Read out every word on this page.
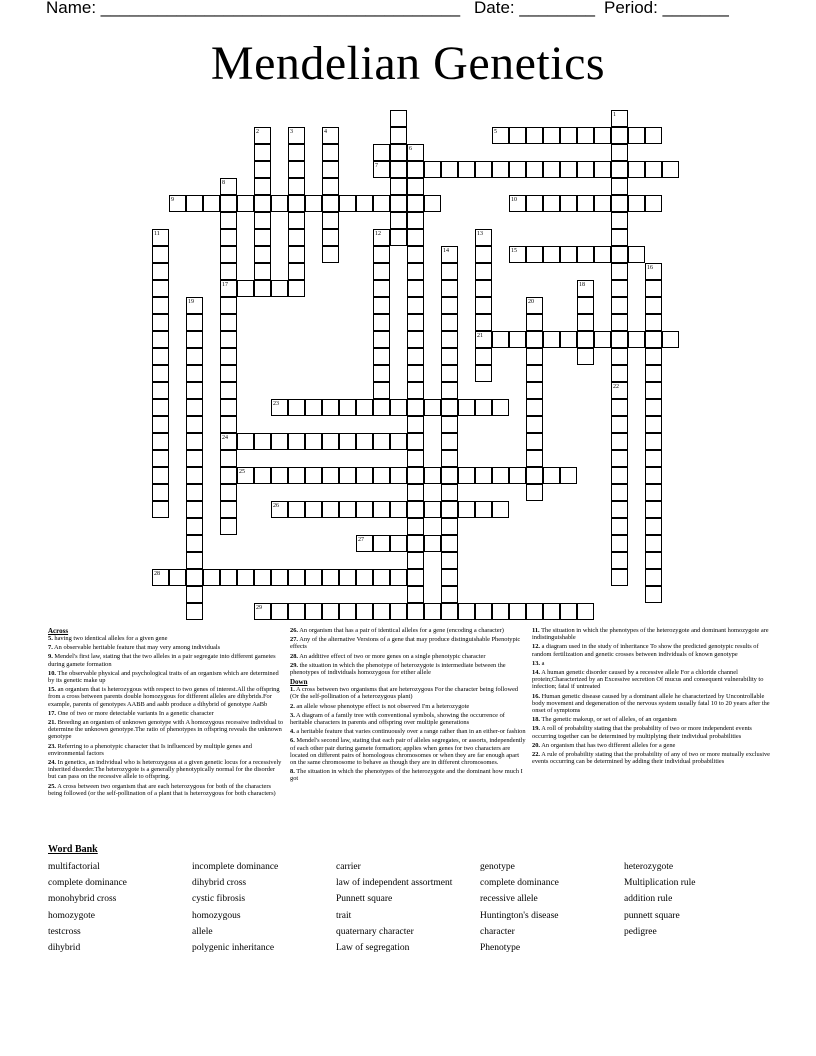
Name: ______________________________________ Date: ________ Period: _______
Mendelian Genetics
1
2	3	4	5
6
7
8
9	10
11	12	13
14	15
16
17	18
19	20
21
22
23
24
25
26
27
28
29
Across
5. having two identical alleles for a given gene
7. An observable heritable feature that may very among individuals
9. Mendel's first law, stating that the two alleles in a pair segregate into different gametes during gamete formation
10. The observable physical and psychological traits of an organism which are determined by its genetic make up
15. an organism that is heterozygous with respect to two genes of interest.All the offspring from a cross between parents double homozygous for different alleles are dihybrids.For example, parents of genotypes AABB and aabb produce a dihybrid of genotype AaBb
17. One of two or more detectable variants In a genetic character
21. Breeding an organism of unknown genotype with A homozygous recessive individual to determine the unknown genotype.The ratio of phenotypes in offspring reveals the unknown genotype
23. Referring to a phenotypic character that Is influenced by multiple genes and environmental factors
24. In genetics, an individual who is heterozygous at a given genetic locus for a recessively inherited disorder.The heterozygote is a generally phenotypically normal for the disorder but can pass on the recessive allele to offspring.
25. A cross between two organism that are each heterozygous for both of the characters being followed (or the self-pollination of a plant that is heterozygous for both characters)
26. An organism that has a pair of identical alleles for a gene (encoding a character)
27. Any of the alternative Versions of a gene that may produce distinguishable Phenotypic effects
28. An additive effect of two or more genes on a single phenotypic character
29. the situation in which the phenotype of heterozygote is intermediate between the phenotypes of individuals homozygous for either allele
Down
1. A cross between two organisms that are heterozygous For the character being followed (Or the self-pollination of a heterozygous plant)
2. an allele whose phenotype effect is not observed I'm a heterozygote
3. A diagram of a family tree with conventional symbols, showing the occurrence of heritable characters in parents and offspring over multiple generations
4. a heritable feature that varies continuously over a range rather than in an either-or fashion
6. Mendel's second law, stating that each pair of alleles segregates, or assorts, independently of each other pair during gamete formation; applies when genes for two characters are located on different pairs of homologous chromosomes or when they are far enough apart on the same chromosome to behave as though they are in different chromosomes.
8. The situation in which the phenotypes of the heterozygote and the dominant how much I got
11. The situation in which the phenotypes of the heterozygote and dominant homozygote are indistinguishable
12. a diagram used in the study of inheritance To show the predicted genotypic results of random fertilization and genetic crosses between individuals of known genotype
13. a
14. A human genetic disorder caused by a recessive allele For a chloride channel protein;Characterized by an Excessive secretion Of mucus and consequent vulnerability to infection; fatal if untreated
16. Human genetic disease caused by a dominant allele he characterized by Uncontrollable body movement and degeneration of the nervous system usually fatal 10 to 20 years after the onset of symptoms
18. The genetic makeup, or set of alleles, of an organism
19. A roll of probability stating that the probability of two or more independent events occurring together can be determined by multiplying their individual probabilities
20. An organism that has two different alleles for a gene
22. A rule of probability stating that the probability of any of two or more mutually exclusive events occurring can be determined by adding their individual probabilities
Word Bank
multifactorial	incomplete dominance	carrier	genotype	heterozygote
complete dominance	dihybrid cross	law of independent assortment	complete dominance	Multiplication rule
monohybrid cross	cystic fibrosis	Punnett square	recessive allele	addition rule
homozygote	homozygous	trait	Huntington's disease	punnett square
testcross	allele	quaternary character	character	pedigree
dihybrid	polygenic inheritance	Law of segregation	Phenotype
